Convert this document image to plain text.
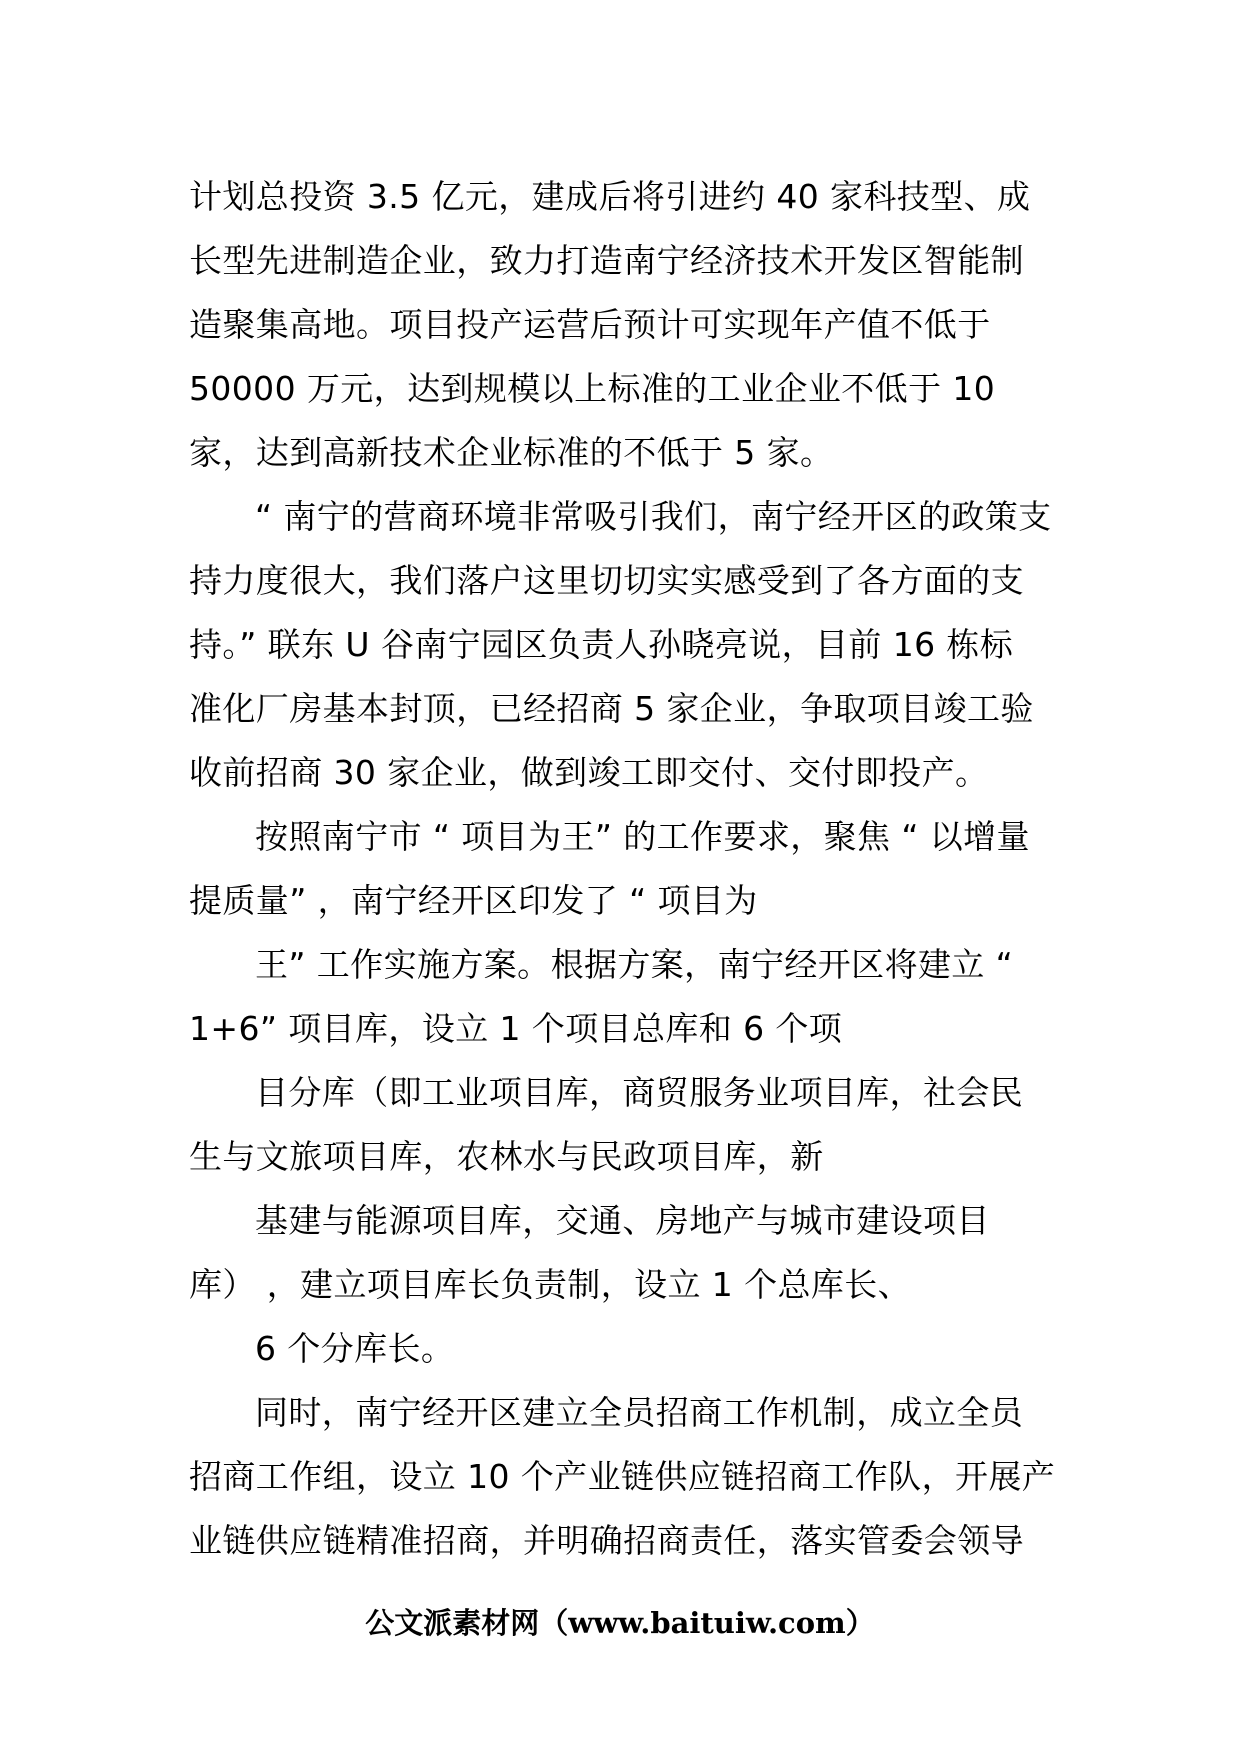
计划总投资 3.5 亿元，建成后将引进约 40 家科技型、成
长型先进制造企业，致力打造南宁经济技术开发区智能制
造聚集高地。项目投产运营后预计可实现年产值不低于
50000 万元，达到规模以上标准的工业企业不低于 10
家，达到高新技术企业标准的不低于 5 家。
“ 南宁的营商环境非常吸引我们，南宁经开区的政策支
持力度很大，我们落户这里切切实实感受到了各方面的支
持。” 联东 U 谷南宁园区负责人孙晓亮说，目前 16 栋标
准化厂房基本封顶，已经招商 5 家企业，争取项目竣工验
收前招商 30 家企业，做到竣工即交付、交付即投产。
按照南宁市 “ 项目为王” 的工作要求，聚焦 “ 以增量
提质量” ，南宁经开区印发了 “ 项目为
王” 工作实施方案。根据方案，南宁经开区将建立 “
1+6” 项目库，设立 1 个项目总库和 6 个项
目分库（即工业项目库，商贸服务业项目库，社会民
生与文旅项目库，农林水与民政项目库，新
基建与能源项目库，交通、房地产与城市建设项目
库） ，建立项目库长负责制，设立 1 个总库长、
6 个分库长。
同时，南宁经开区建立全员招商工作机制，成立全员
招商工作组，设立 10 个产业链供应链招商工作队，开展产
业链供应链精准招商，并明确招商责任，落实管委会领导
公文派素材网（www.baituiw.com）
